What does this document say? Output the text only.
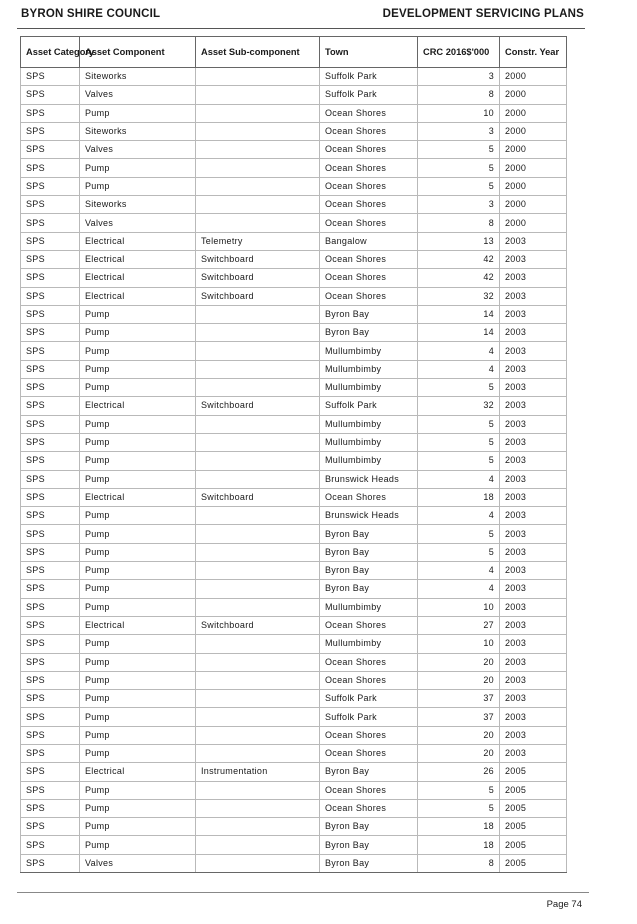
BYRON SHIRE COUNCIL	DEVELOPMENT SERVICING PLANS
Asset Category	Asset Component	Asset Sub-component	Town	CRC 2016$'000	Constr. Year
SPS	Siteworks		Suffolk Park	3	2000
SPS	Valves		Suffolk Park	8	2000
SPS	Pump		Ocean Shores	10	2000
SPS	Siteworks		Ocean Shores	3	2000
SPS	Valves		Ocean Shores	5	2000
SPS	Pump		Ocean Shores	5	2000
SPS	Pump		Ocean Shores	5	2000
SPS	Siteworks		Ocean Shores	3	2000
SPS	Valves		Ocean Shores	8	2000
SPS	Electrical	Telemetry	Bangalow	13	2003
SPS	Electrical	Switchboard	Ocean Shores	42	2003
SPS	Electrical	Switchboard	Ocean Shores	42	2003
SPS	Electrical	Switchboard	Ocean Shores	32	2003
SPS	Pump		Byron Bay	14	2003
SPS	Pump		Byron Bay	14	2003
SPS	Pump		Mullumbimby	4	2003
SPS	Pump		Mullumbimby	4	2003
SPS	Pump		Mullumbimby	5	2003
SPS	Electrical	Switchboard	Suffolk Park	32	2003
SPS	Pump		Mullumbimby	5	2003
SPS	Pump		Mullumbimby	5	2003
SPS	Pump		Mullumbimby	5	2003
SPS	Pump		Brunswick Heads	4	2003
SPS	Electrical	Switchboard	Ocean Shores	18	2003
SPS	Pump		Brunswick Heads	4	2003
SPS	Pump		Byron Bay	5	2003
SPS	Pump		Byron Bay	5	2003
SPS	Pump		Byron Bay	4	2003
SPS	Pump		Byron Bay	4	2003
SPS	Pump		Mullumbimby	10	2003
SPS	Electrical	Switchboard	Ocean Shores	27	2003
SPS	Pump		Mullumbimby	10	2003
SPS	Pump		Ocean Shores	20	2003
SPS	Pump		Ocean Shores	20	2003
SPS	Pump		Suffolk Park	37	2003
SPS	Pump		Suffolk Park	37	2003
SPS	Pump		Ocean Shores	20	2003
SPS	Pump		Ocean Shores	20	2003
SPS	Electrical	Instrumentation	Byron Bay	26	2005
SPS	Pump		Ocean Shores	5	2005
SPS	Pump		Ocean Shores	5	2005
SPS	Pump		Byron Bay	18	2005
SPS	Pump		Byron Bay	18	2005
SPS	Valves		Byron Bay	8	2005
Page 74
